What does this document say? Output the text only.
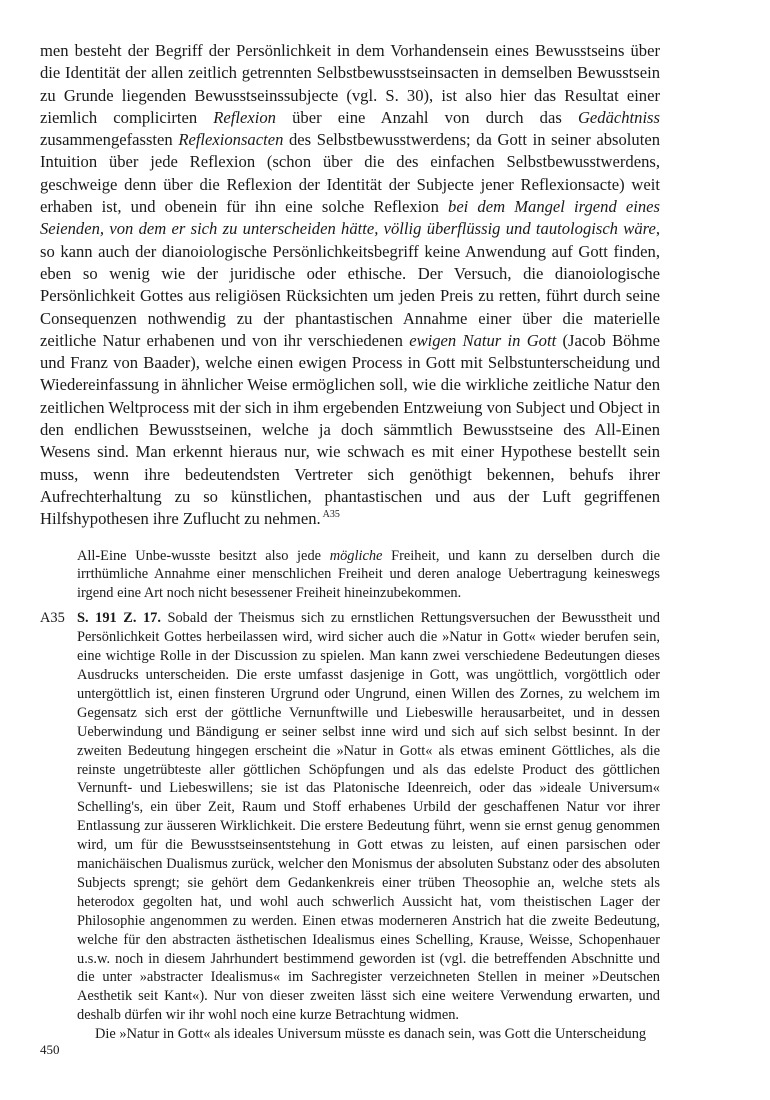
men besteht der Begriff der Persönlichkeit in dem Vorhandensein eines Bewusstseins über die Identität der allen zeitlich getrennten Selbstbewusstseinsacten in demselben Bewusstsein zu Grunde liegenden Bewusstseinssubjecte (vgl. S. 30), ist also hier das Resultat einer ziemlich complicirten Reflexion über eine Anzahl von durch das Gedächtniss zusammengefassten Reflexionsacten des Selbstbewusstwerdens; da Gott in seiner absoluten Intuition über jede Reflexion (schon über die des einfachen Selbstbewusstwerdens, geschweige denn über die Reflexion der Identität der Subjecte jener Reflexionsacte) weit erhaben ist, und obenein für ihn eine solche Reflexion bei dem Mangel irgend eines Seienden, von dem er sich zu unterscheiden hätte, völlig überflüssig und tautologisch wäre, so kann auch der dianoiologische Persönlichkeitsbegriff keine Anwendung auf Gott finden, eben so wenig wie der juridische oder ethische. Der Versuch, die dianoiologische Persönlichkeit Gottes aus religiösen Rücksichten um jeden Preis zu retten, führt durch seine Consequenzen nothwendig zu der phantastischen Annahme einer über die materielle zeitliche Natur erhabenen und von ihr verschiedenen ewigen Natur in Gott (Jacob Böhme und Franz von Baader), welche einen ewigen Process in Gott mit Selbstunterscheidung und Wiedereinfassung in ähnlicher Weise ermöglichen soll, wie die wirkliche zeitliche Natur den zeitlichen Weltprocess mit der sich in ihm ergebenden Entzweiung von Subject und Object in den endlichen Bewusstseinen, welche ja doch sämmtlich Bewusstseine des All-Einen Wesens sind. Man erkennt hieraus nur, wie schwach es mit einer Hypothese bestellt sein muss, wenn ihre bedeutendsten Vertreter sich genöthigt bekennen, behufs ihrer Aufrechterhaltung zu so künstlichen, phantastischen und aus der Luft gegriffenen Hilfshypothesen ihre Zuflucht zu nehmen. $^{A35}$

All-Eine Unbe-wusste besitzt also jede mögliche Freiheit, und kann zu derselben durch die irrthümliche Annahme einer menschlichen Freiheit und deren analoge Uebertragung keineswegs irgend eine Art noch nicht besessener Freiheit hineinzubekommen.

A35 S. 191 Z. 17. Sobald der Theismus sich zu ernstlichen Rettungsversuchen der Bewusstheit und Persönlichkeit Gottes herbeilassen wird, wird sicher auch die »Natur in Gott« wieder berufen sein, eine wichtige Rolle in der Discussion zu spielen. Man kann zwei verschiedene Bedeutungen dieses Ausdrucks unterscheiden. Die erste umfasst dasjenige in Gott, was ungöttlich, vorgöttlich oder untergöttlich ist, einen finsteren Urgrund oder Ungrund, einen Willen des Zornes, zu welchem im Gegensatz sich erst der göttliche Vernunftwille und Liebeswille herausarbeitet, und in dessen Ueberwindung und Bändigung er seiner selbst inne wird und sich auf sich selbst besinnt. In der zweiten Bedeutung hingegen erscheint die »Natur in Gott« als etwas eminent Göttliches, als die reinste ungetrübteste aller göttlichen Schöpfungen und als das edelste Product des göttlichen Vernunft- und Liebeswillens; sie ist das Platonische Ideenreich, oder das »ideale Universum« Schelling's, ein über Zeit, Raum und Stoff erhabenes Urbild der geschaffenen Natur vor ihrer Entlassung zur äusseren Wirklichkeit. Die erstere Bedeutung führt, wenn sie ernst genug genommen wird, um für die Bewusstseinsentstehung in Gott etwas zu leisten, auf einen parsischen oder manichäischen Dualismus zurück, welcher den Monismus der absoluten Substanz oder des absoluten Subjects sprengt; sie gehört dem Gedankenkreis einer trüben Theosophie an, welche stets als heterodox gegolten hat, und wohl auch schwerlich Aussicht hat, vom theistischen Lager der Philosophie angenommen zu werden. Einen etwas moderneren Anstrich hat die zweite Bedeutung, welche für den abstracten ästhetischen Idealismus eines Schelling, Krause, Weisse, Schopenhauer u.s.w. noch in diesem Jahrhundert bestimmend geworden ist (vgl. die betreffenden Abschnitte und die unter »abstracter Idealismus« im Sachregister verzeichneten Stellen in meiner »Deutschen Aesthetik seit Kant«). Nur von dieser zweiten lässt sich eine weitere Verwendung erwarten, und deshalb dürfen wir ihr wohl noch eine kurze Betrachtung widmen.

Die »Natur in Gott« als ideales Universum müsste es danach sein, was Gott die Unterscheidung

450
